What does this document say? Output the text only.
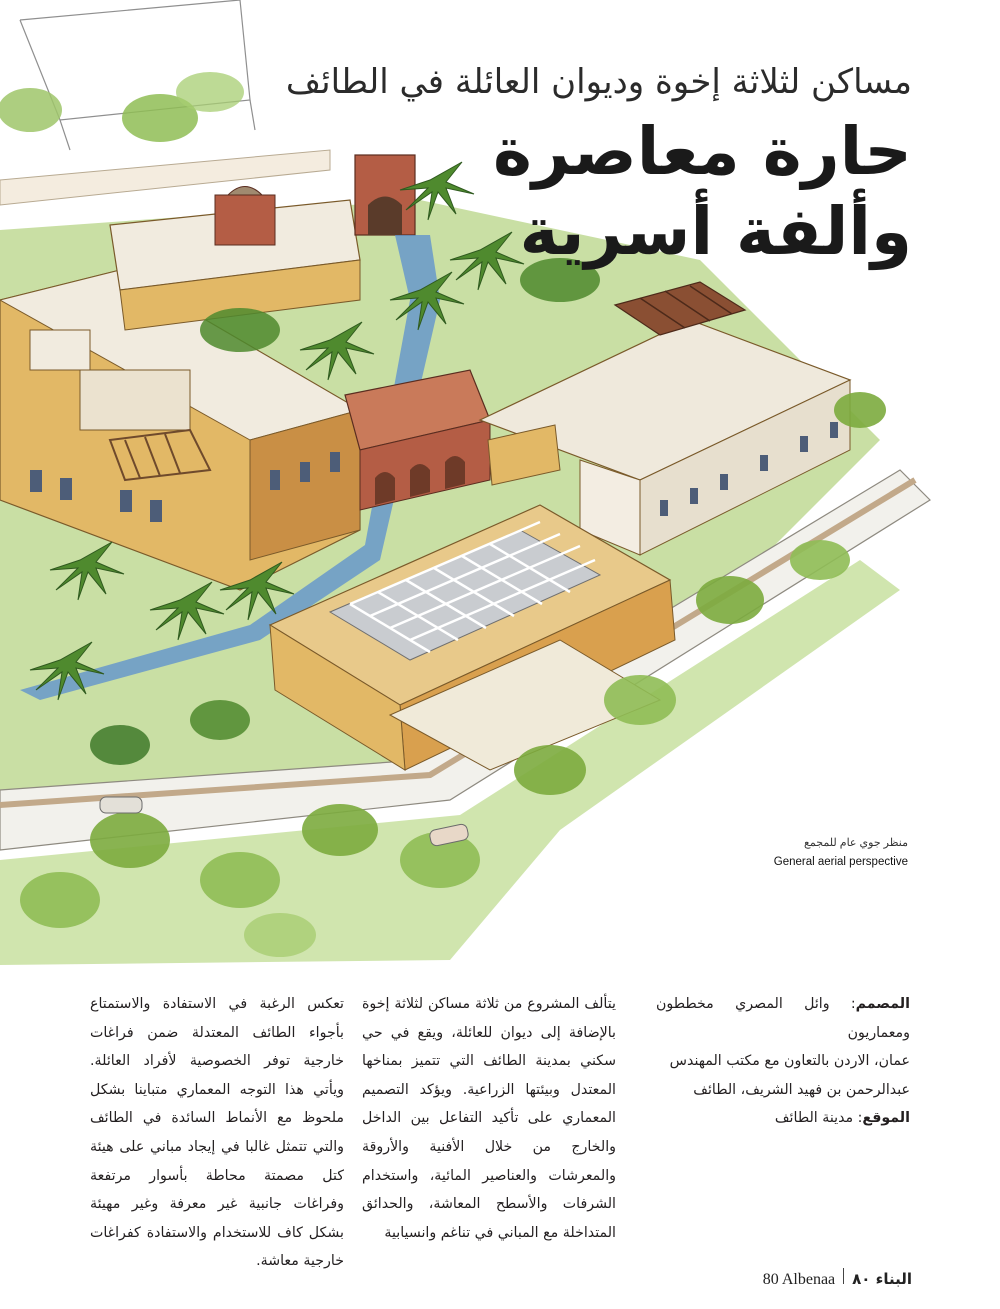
مساكن لثلاثة إخوة وديوان العائلة في الطائف
حارة معاصرة
وألفة أسرية
منظر جوي عام للمجمع
General aerial perspective
المصمم: وائل المصري مخططون ومعماريون
عمان، الاردن بالتعاون مع مكتب المهندس
عبدالرحمن بن فهيد الشريف، الطائف
الموقع: مدينة الطائف

يتألف المشروع من ثلاثة مساكن لثلاثة إخوة بالإضافة إلى ديوان للعائلة، ويقع في حي سكني بمدينة الطائف التي تتميز بمناخها المعتدل وبيئتها الزراعية. ويؤكد التصميم المعماري على تأكيد التفاعل بين الداخل والخارج من خلال الأفنية والأروقة والمعرشات والعناصير المائية، واستخدام الشرفات والأسطح المعاشة، والحدائق المتداخلة مع المباني في تناغم وانسيابية

تعكس الرغبة في الاستفادة والاستمتاع بأجواء الطائف المعتدلة ضمن فراغات خارجية توفر الخصوصية لأفراد العائلة. ويأتي هذا التوجه المعماري متباينا بشكل ملحوظ مع الأنماط السائدة في الطائف والتي تتمثل غالبا في إيجاد مباني على هيئة كتل مصمتة محاطة بأسوار مرتفعة وفراغات جانبية غير معرفة وغير مهيئة بشكل كاف للاستخدام والاستفادة كفراغات خارجية معاشة.

80 Albenaa البناء ٨٠
